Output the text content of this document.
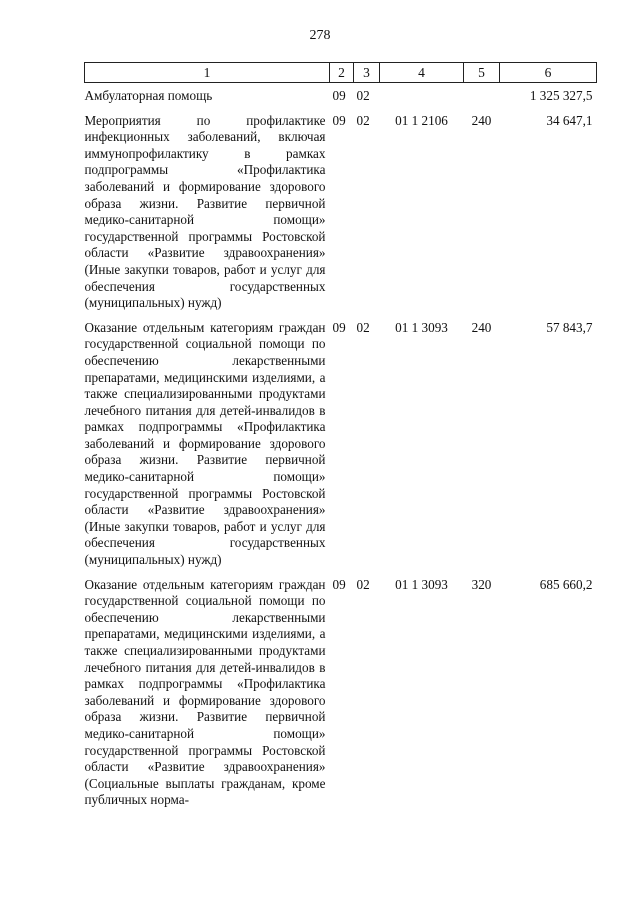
278
1	2	3	4	5	6
Амбулаторная помощь	09	02			1 325 327,5
Мероприятия по профилактике инфекционных заболеваний, включая иммунопрофилактику в рамках подпрограммы «Профилактика заболеваний и формирование здорового образа жизни. Развитие первичной медико-санитарной помощи» государственной программы Ростовской области «Развитие здравоохранения» (Иные закупки товаров, работ и услуг для обеспечения государственных (муниципальных) нужд)	09	02	01 1 2106	240	34 647,1
Оказание отдельным категориям граждан государственной социальной помощи по обеспечению лекарственными препаратами, медицинскими изделиями, а также специализированными продуктами лечебного питания для детей-инвалидов в рамках подпрограммы «Профилактика заболеваний и формирование здорового образа жизни. Развитие первичной медико-санитарной помощи» государственной программы Ростовской области «Развитие здравоохранения» (Иные закупки товаров, работ и услуг для обеспечения государственных (муниципальных) нужд)	09	02	01 1 3093	240	57 843,7
Оказание отдельным категориям граждан государственной социальной помощи по обеспечению лекарственными препаратами, медицинскими изделиями, а также специализированными продуктами лечебного питания для детей-инвалидов в рамках подпрограммы «Профилактика заболеваний и формирование здорового образа жизни. Развитие первичной медико-санитарной помощи» государственной программы Ростовской области «Развитие здравоохранения» (Социальные выплаты гражданам, кроме публичных норма-	09	02	01 1 3093	320	685 660,2
